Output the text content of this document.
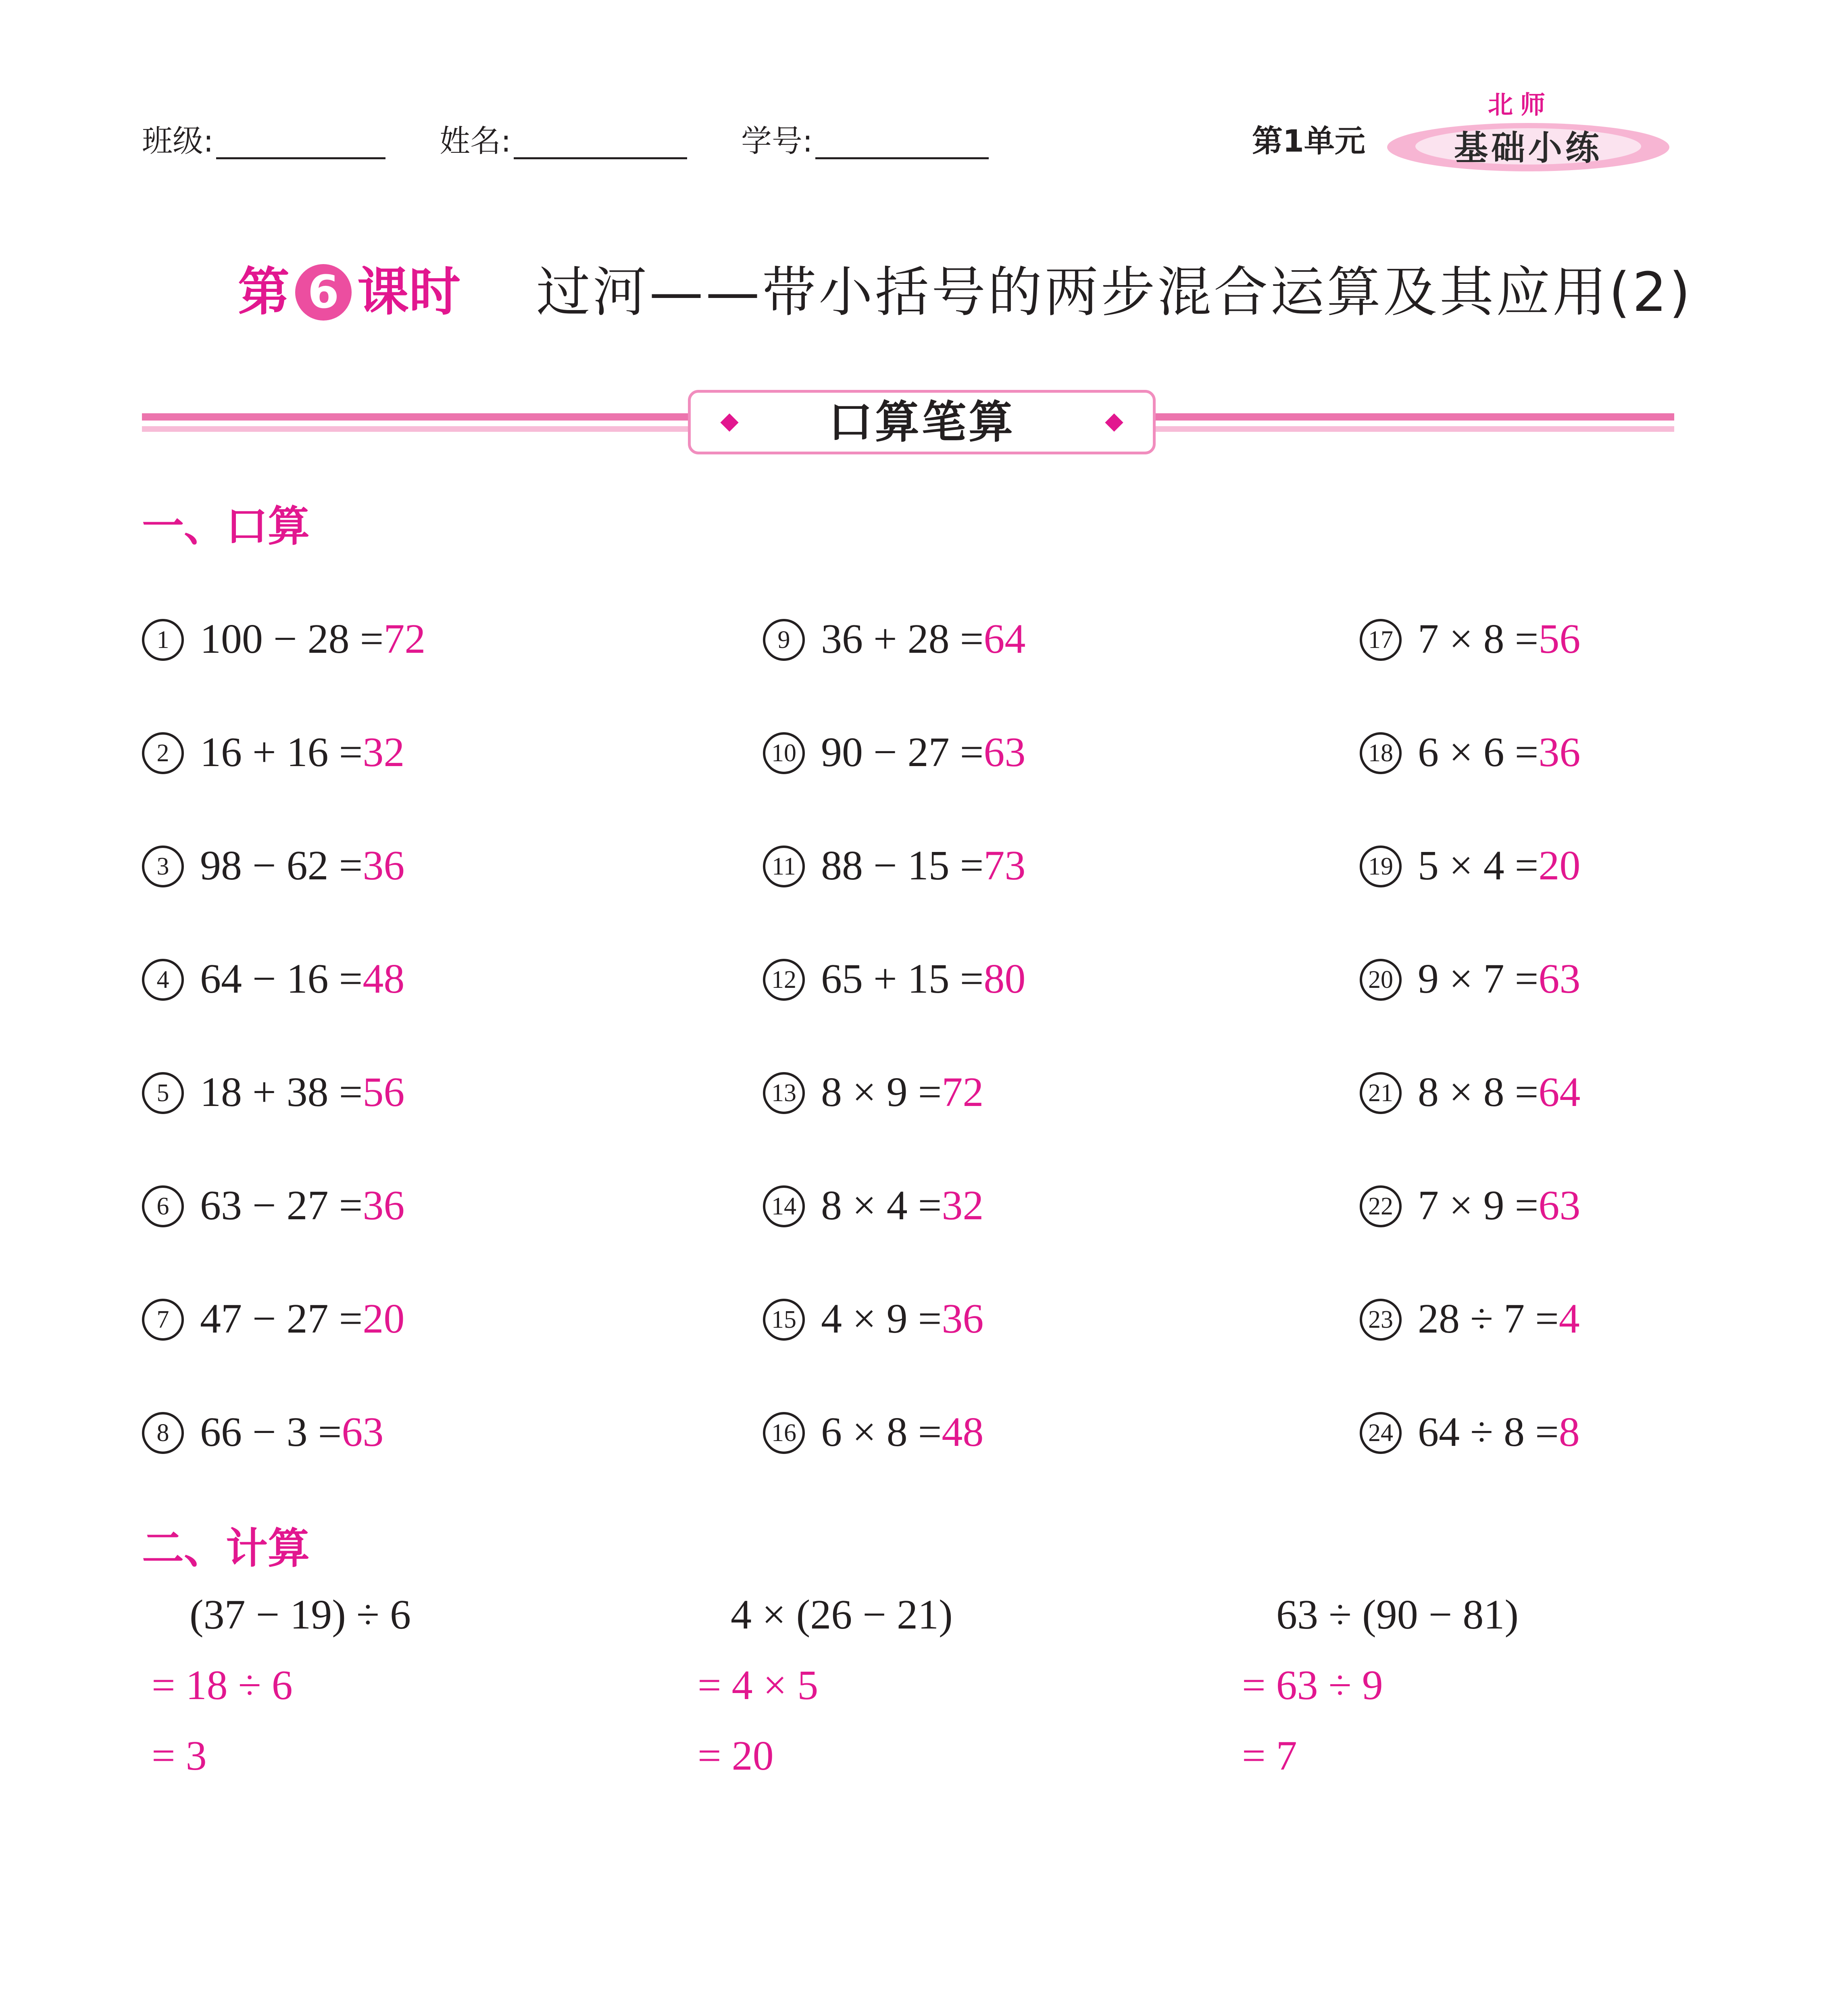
班级:	姓名:	学号:	第1单元
北师
基础小练
第 6 课时 过河——带小括号的两步混合运算及其应用(2)
口算笔算
一、口算
1 100 − 28 =72
2 16 + 16 =32
3 98 − 62 =36
4 64 − 16 =48
5 18 + 38 =56
6 63 − 27 =36
7 47 − 27 =20
8 66 − 3 =63
9 36 + 28 =64
10 90 − 27 =63
11 88 − 15 =73
12 65 + 15 =80
13 8 × 9 =72
14 8 × 4 =32
15 4 × 9 =36
16 6 × 8 =48
17 7 × 8 =56
18 6 × 6 =36
19 5 × 4 =20
20 9 × 7 =63
21 8 × 8 =64
22 7 × 9 =63
23 28 ÷ 7 =4
24 64 ÷ 8 =8
二、计算
(37 − 19) ÷ 6
= 18 ÷ 6
= 3
4 × (26 − 21)
= 4 × 5
= 20
63 ÷ (90 − 81)
= 63 ÷ 9
= 7
